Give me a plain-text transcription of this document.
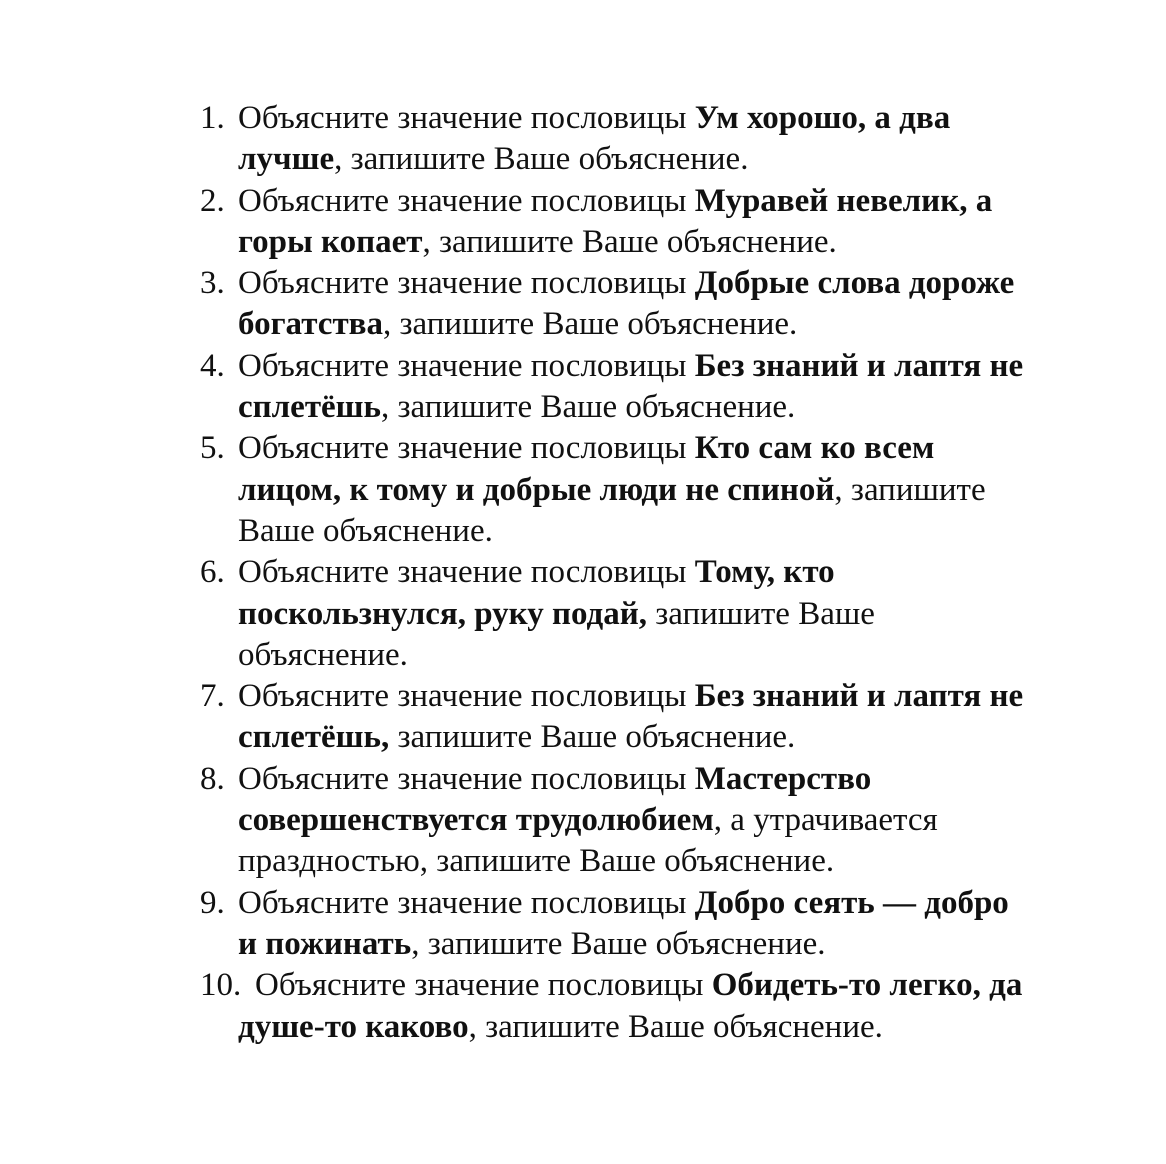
1. Объясните значение пословицы Ум хорошо, а два
лучше, запишите Ваше объяснение.
2. Объясните значение пословицы Муравей невелик, а
горы копает, запишите Ваше объяснение.
3. Объясните значение пословицы Добрые слова дороже
богатства, запишите Ваше объяснение.
4. Объясните значение пословицы Без знаний и лаптя не
сплетёшь, запишите Ваше объяснение.
5. Объясните значение пословицы Кто сам ко всем
лицом, к тому и добрые люди не спиной, запишите
Ваше объяснение.
6. Объясните значение пословицы Тому, кто
поскользнулся, руку подай, запишите Ваше
объяснение.
7. Объясните значение пословицы Без знаний и лаптя не
сплетёшь, запишите Ваше объяснение.
8. Объясните значение пословицы Мастерство
совершенствуется трудолюбием, а утрачивается
праздностью, запишите Ваше объяснение.
9. Объясните значение пословицы Добро сеять — добро
и пожинать, запишите Ваше объяснение.
10. Объясните значение пословицы Обидеть-то легко, да
душе-то каково, запишите Ваше объяснение.
